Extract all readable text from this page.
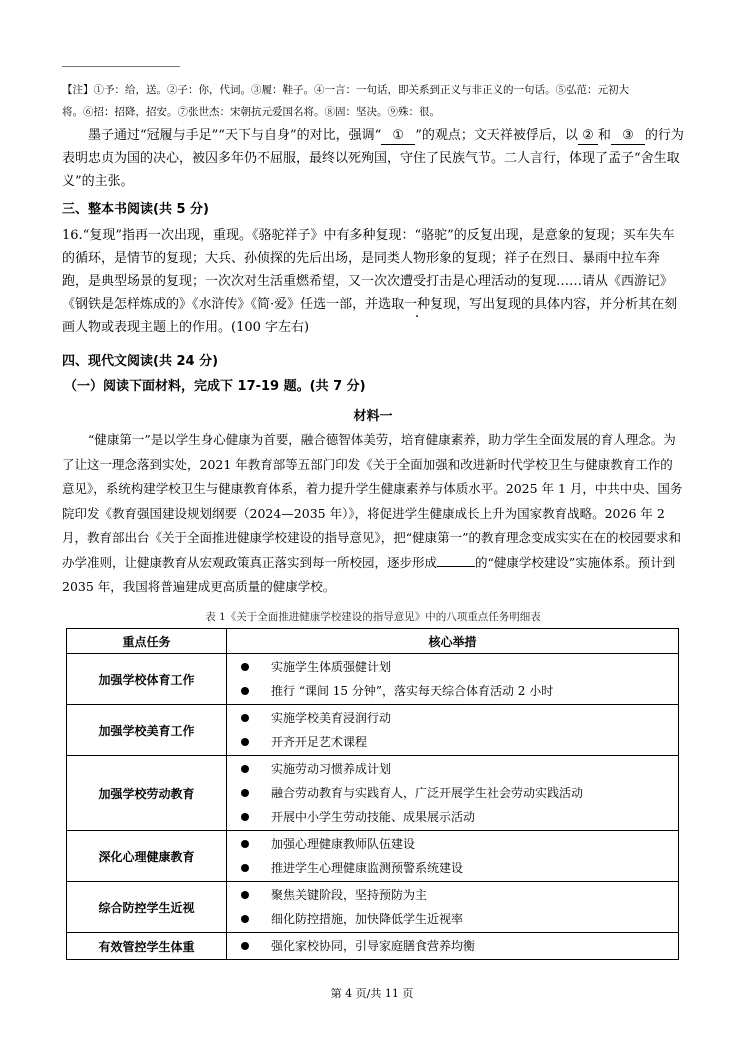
【注】①予：给，送。②子：你，代词。③履：鞋子。④一言：一句话，即关系到正义与非正义的一句话。⑤弘范：元初大
将。⑥招：招降，招安。⑦张世杰：宋朝抗元爱国名将。⑧固：坚决。⑨殊：很。
墨子通过“冠履与手足”“天下与自身”的对比，强调“ ① ”的观点；文天祥被俘后，以 ② 和 ③ 的行为表明忠贞为国的决心，被囚多年仍不屈服，最终以死殉国，守住了民族气节。二人言行，体现了孟子“舍生取义”的主张。
三、整本书阅读(共 5 分)
16.“复现”指再一次出现，重现。《骆驼祥子》中有多种复现：“骆驼”的反复出现，是意象的复现；买车失车的循环，是情节的复现；大兵、孙侦探的先后出场，是同类人物形象的复现；祥子在烈日、暴雨中拉车奔跑，是典型场景的复现；一次次对生活重燃希望，又一次次遭受打击是心理活动的复现……请从《西游记》《钢铁是怎样炼成的》《水浒传》《简·爱》任选一部，并选取一种复现，写出复现的具体内容，并分析其在刻画人物或表现主题上的作用。(100 字左右)
四、现代文阅读(共 24 分)
（一）阅读下面材料，完成下 17-19 题。(共 7 分)
材料一
“健康第一”是以学生身心健康为首要，融合德智体美劳，培育健康素养，助力学生全面发展的育人理念。为了让这一理念落到实处，2021 年教育部等五部门印发《关于全面加强和改进新时代学校卫生与健康教育工作的意见》，系统构建学校卫生与健康教育体系，着力提升学生健康素养与体质水平。2025 年 1 月，中共中央、国务院印发《教育强国建设规划纲要（2024—2035 年）》，将促进学生健康成长上升为国家教育战略。2026 年 2 月，教育部出台《关于全面推进健康学校建设的指导意见》，把“健康第一”的教育理念变成实实在在的校园要求和办学准则，让健康教育从宏观政策真正落实到每一所校园，逐步形成	的“健康学校建设”实施体系。预计到 2035 年，我国将普遍建成更高质量的健康学校。
表 1《关于全面推进健康学校建设的指导意见》中的八项重点任务明细表
重点任务	核心举措
加强学校体育工作	实施学生体质强健计划
推行 “课间 15 分钟”，落实每天综合体育活动 2 小时

加强学校美育工作	实施学校美育浸润行动
开齐开足艺术课程

加强学校劳动教育	实施劳动习惯养成计划
融合劳动教育与实践育人，广泛开展学生社会劳动实践活动
开展中小学生劳动技能、成果展示活动

深化心理健康教育	加强心理健康教师队伍建设
推进学生心理健康监测预警系统建设

综合防控学生近视	聚焦关键阶段，坚持预防为主
细化防控措施，加快降低学生近视率

有效管控学生体重	强化家校协同，引导家庭膳食营养均衡
第 4 页/共 11 页
